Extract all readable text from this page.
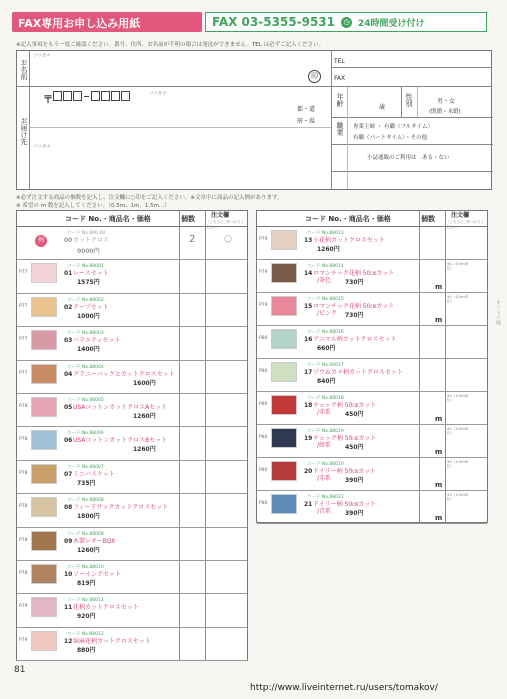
FAX専用お申し込み用紙	FAX 03-5355-9531	◷ 24時間受け付け
※記入事項をもう一度ご確認ください。番号、住所、お名前が不明の場合は発送ができません。TEL は必ずご記入ください。
フリガナ
お名前	印
TEL
FAX
〒
フリガナ
都・道
府・県
フリガナ
お届け先
年齢
歳
性別	男・女
(既婚・未婚)
職業 専業主婦 ・ 有職（フルタイム）
有職（パートタイム）・その他
小誌通販のご利用は　ある・ない
※必ず注文する商品の個数を記入し、注文欄に○印をご記入ください。※文章中に商品の記入例があります。
※ 希望の m 数を記入してください。（0.5m、1m、1.5m...）
コード No.・商品名・価格	個数	注文欄
（こちらに○をつけてください）
例
コード No.880 XX
00 カットクロス
0000円
2	○
P77
コード No.88001
01 レースセット
1575円
P77
コード No.88002
02 テープセット
1000円
P77
コード No.88003
03 バラエティセット
1400円
P77
コード No.88004
04 グラニーバッグとカットクロスセット
1600円
P78
コード No.88005
05 USAコットンカットクロスAセット
1260円
P78
コード No.88006
06 USAコットンカットクロスBセット
1260円
P78
コード No.88007
07 ミニバスケット
735円
P78
コード No.88008
08 フィードサックカットクロスセット
1800円
P78
コード No.88009
09 木製レターBOX
1260円
P78
コード No.88010
10 ソーイングセット
819円
P79
コード No.88011
11 花柄カットクロスセット
920円
P79
コード No.88012
12 綿麻花柄カットクロスセット
880円
コード No.・商品名・価格	個数	注文欄
（こちらに○をつけてください）
P79
コード No.88013
13 小花柄カットクロスセット
1260円
P79
コード No.88014
14 ロマンチック花柄 50㎝カット
/茶色 730円
※1（0.5m単位）
m
P79
コード No.88015
15 ロマンチック花柄 50㎝カット
/ピンク 730円
※1（0.5m単位）
m
P80
コード No.88016
16 アニマル柄カットクロスセット
660円
P80
コード No.00017
17 ゾウ＆カメ柄カットクロスセット
840円
P80
コード No.88018
18 チェック柄 50㎝カット
/赤系 450円
※1（0.5m単位）
m
P80
コード No.88019
19 チェック柄 50㎝カット
/紺系 450円
※1（0.5m単位）
m
P80
コード No.88020
20 ドイリー柄 50㎝カット
/赤系 390円
※1（0.5m単位）
m
P80
コード No.88021
21 ドイリー柄 50㎝カット
/青系 390円
※1（0.5m単位）
m
81
http://www.liveinternet.ru/users/tomakov/
キリトリ線
